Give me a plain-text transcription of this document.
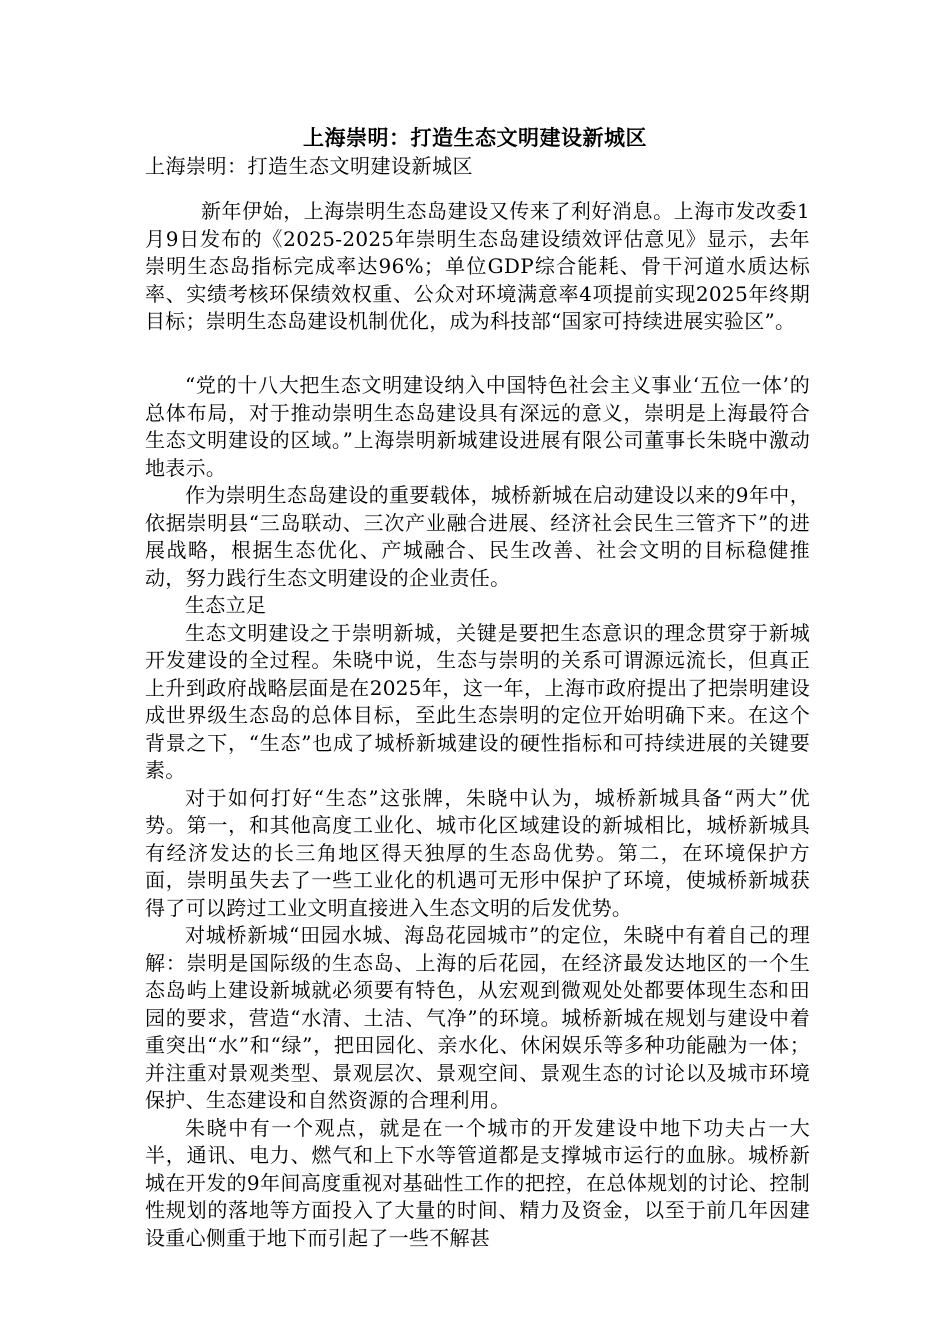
上海崇明：打造生态文明建设新城区
上海崇明：打造生态文明建设新城区

新年伊始，上海崇明生态岛建设又传来了利好消息。上海市发改委1月9日发布的《2025-2025年崇明生态岛建设绩效评估意见》显示，去年崇明生态岛指标完成率达96%；单位GDP综合能耗、骨干河道水质达标率、实绩考核环保绩效权重、公众对环境满意率4项提前实现2025年终期目标；崇明生态岛建设机制优化，成为科技部“国家可持续进展实验区”。

“党的十八大把生态文明建设纳入中国特色社会主义事业‘五位一体’的总体布局，对于推动崇明生态岛建设具有深远的意义，崇明是上海最符合生态文明建设的区域。”上海崇明新城建设进展有限公司董事长朱晓中激动地表示。

作为崇明生态岛建设的重要载体，城桥新城在启动建设以来的9年中，依据崇明县“三岛联动、三次产业融合进展、经济社会民生三管齐下”的进展战略，根据生态优化、产城融合、民生改善、社会文明的目标稳健推动，努力践行生态文明建设的企业责任。

生态立足

生态文明建设之于崇明新城，关键是要把生态意识的理念贯穿于新城开发建设的全过程。朱晓中说，生态与崇明的关系可谓源远流长，但真正上升到政府战略层面是在2025年，这一年，上海市政府提出了把崇明建设成世界级生态岛的总体目标，至此生态崇明的定位开始明确下来。在这个背景之下，“生态”也成了城桥新城建设的硬性指标和可持续进展的关键要素。

对于如何打好“生态”这张牌，朱晓中认为，城桥新城具备“两大”优势。第一，和其他高度工业化、城市化区域建设的新城相比，城桥新城具有经济发达的长三角地区得天独厚的生态岛优势。第二，在环境保护方面，崇明虽失去了一些工业化的机遇可无形中保护了环境，使城桥新城获得了可以跨过工业文明直接进入生态文明的后发优势。

对城桥新城“田园水城、海岛花园城市”的定位，朱晓中有着自己的理解：崇明是国际级的生态岛、上海的后花园，在经济最发达地区的一个生态岛屿上建设新城就必须要有特色，从宏观到微观处处都要体现生态和田园的要求，营造“水清、土洁、气净”的环境。城桥新城在规划与建设中着重突出“水”和“绿”，把田园化、亲水化、休闲娱乐等多种功能融为一体；并注重对景观类型、景观层次、景观空间、景观生态的讨论以及城市环境保护、生态建设和自然资源的合理利用。

朱晓中有一个观点，就是在一个城市的开发建设中地下功夫占一大半，通讯、电力、燃气和上下水等管道都是支撑城市运行的血脉。城桥新城在开发的9年间高度重视对基础性工作的把控，在总体规划的讨论、控制性规划的落地等方面投入了大量的时间、精力及资金，以至于前几年因建设重心侧重于地下而引起了一些不解甚
